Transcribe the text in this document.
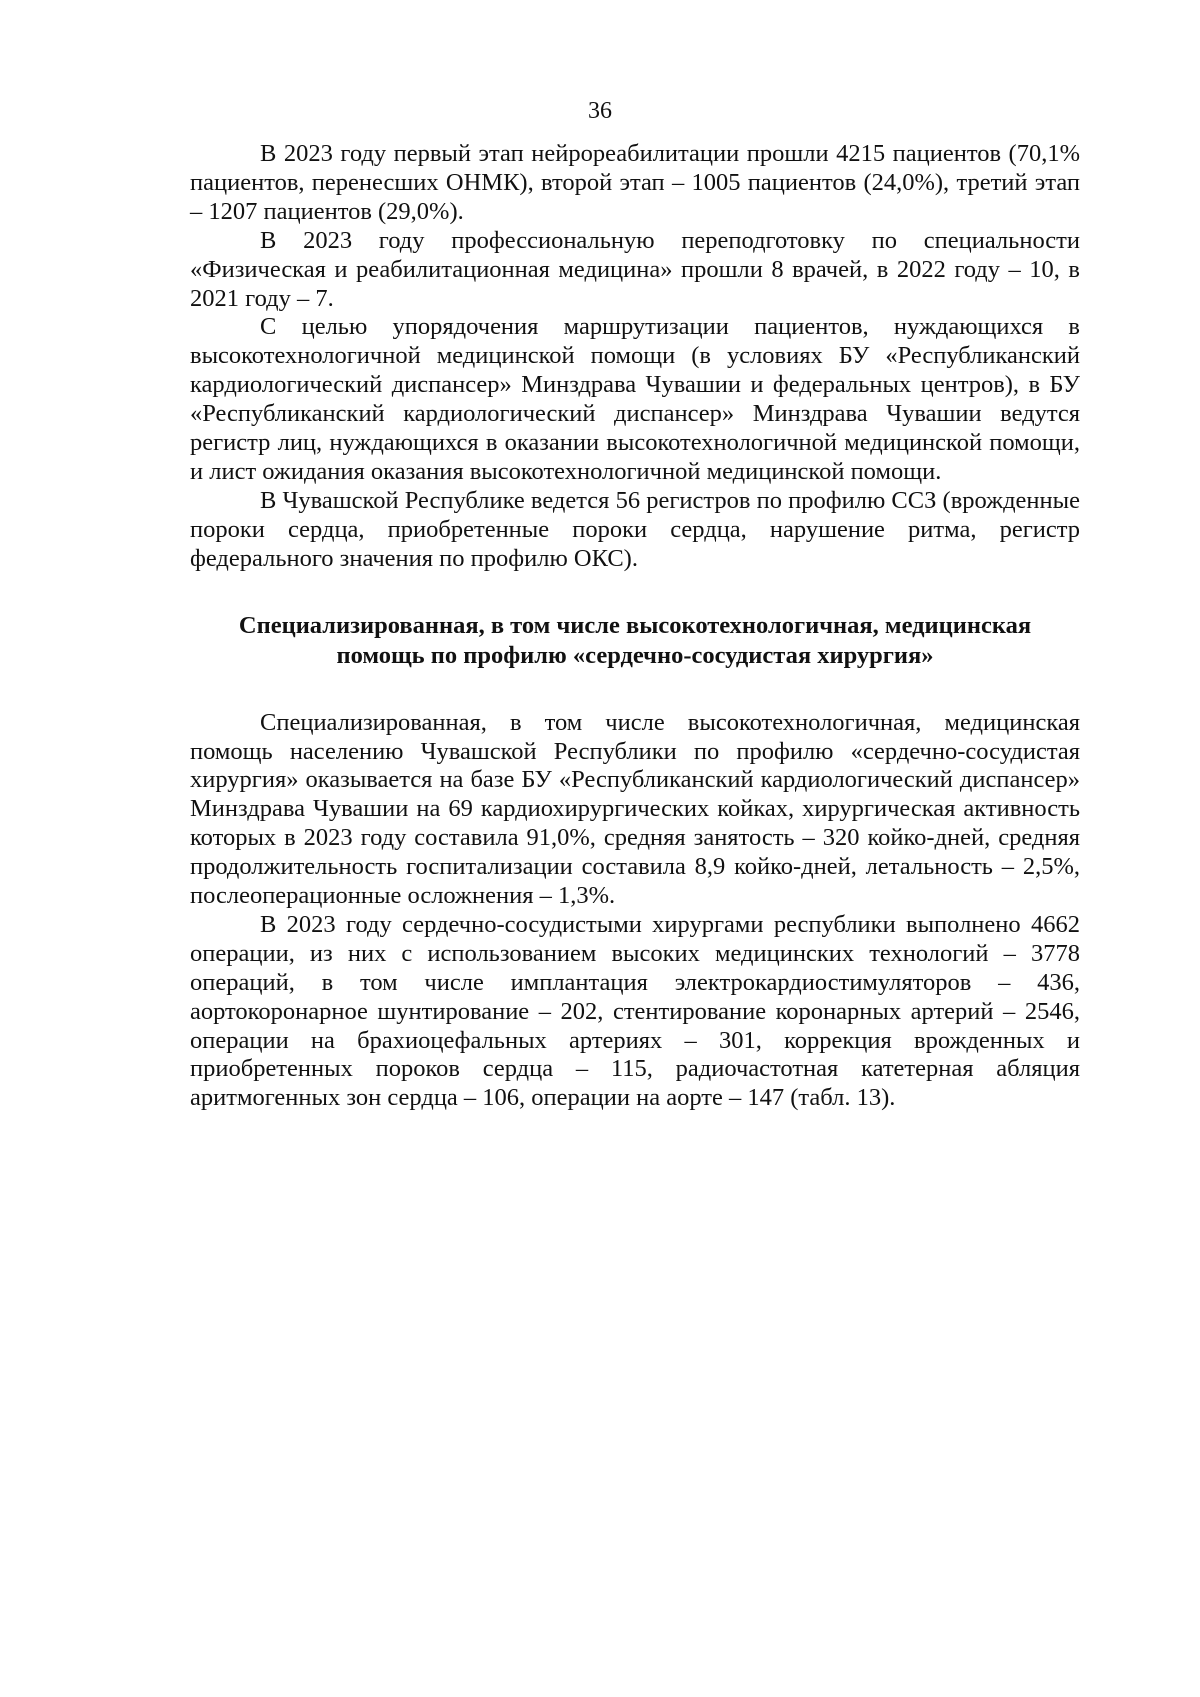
36

В 2023 году первый этап нейрореабилитации прошли 4215 пациентов (70,1% пациентов, перенесших ОНМК), второй этап – 1005 пациентов (24,0%), третий этап – 1207 пациентов (29,0%).

В 2023 году профессиональную переподготовку по специальности «Физическая и реабилитационная медицина» прошли 8 врачей, в 2022 году – 10, в 2021 году – 7.

С целью упорядочения маршрутизации пациентов, нуждающихся в высокотехнологичной медицинской помощи (в условиях БУ «Республиканский кардиологический диспансер» Минздрава Чувашии и федеральных центров), в БУ «Республиканский кардиологический диспансер» Минздрава Чувашии ведутся регистр лиц, нуждающихся в оказании высокотехнологичной медицинской помощи, и лист ожидания оказания высокотехнологичной медицинской помощи.

В Чувашской Республике ведется 56 регистров по профилю ССЗ (врожденные пороки сердца, приобретенные пороки сердца, нарушение ритма, регистр федерального значения по профилю ОКС).

Специализированная, в том числе высокотехнологичная, медицинская
помощь по профилю «сердечно-сосудистая хирургия»

Специализированная, в том числе высокотехнологичная, медицинская помощь населению Чувашской Республики по профилю «сердечно-сосудистая хирургия» оказывается на базе БУ «Республиканский кардиологический диспансер» Минздрава Чувашии на 69 кардиохирургических койках, хирургическая активность которых в 2023 году составила 91,0%, средняя занятость – 320 койко-дней, средняя продолжительность госпитализации составила 8,9 койко-дней, летальность – 2,5%, послеоперационные осложнения – 1,3%.

В 2023 году сердечно-сосудистыми хирургами республики выполнено 4662 операции, из них с использованием высоких медицинских технологий – 3778 операций, в том числе имплантация электрокардиостимуляторов – 436, аортокоронарное шунтирование – 202, стентирование коронарных артерий – 2546, операции на брахиоцефальных артериях – 301, коррекция врожденных и приобретенных пороков сердца – 115, радиочастотная катетерная абляция аритмогенных зон сердца – 106, операции на аорте – 147 (табл. 13).
